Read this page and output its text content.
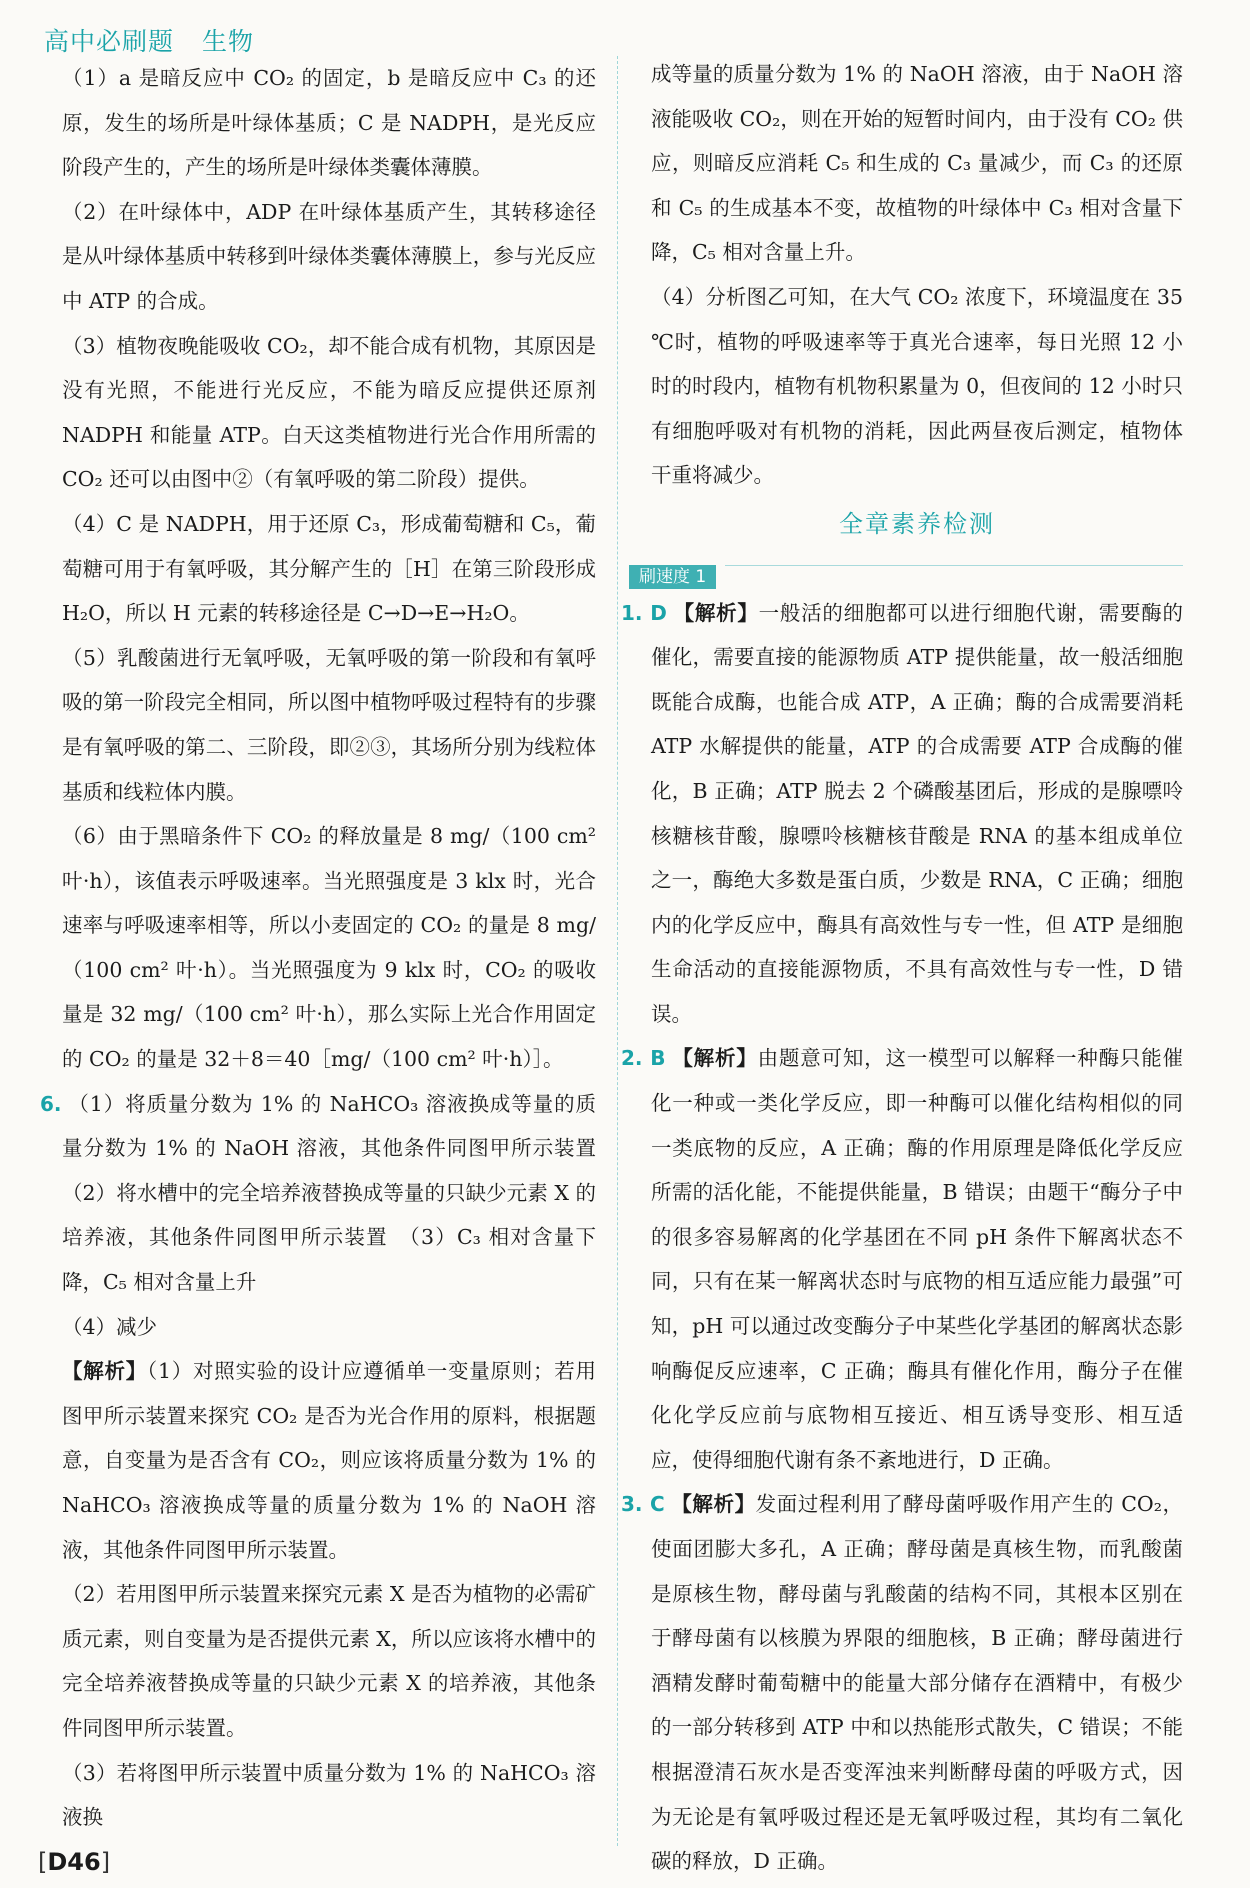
高中必刷题 生物

（1）a 是暗反应中 CO₂ 的固定，b 是暗反应中 C₃ 的还原，发生的场所是叶绿体基质；C 是 NADPH，是光反应阶段产生的，产生的场所是叶绿体类囊体薄膜。

（2）在叶绿体中，ADP 在叶绿体基质产生，其转移途径是从叶绿体基质中转移到叶绿体类囊体薄膜上，参与光反应中 ATP 的合成。

（3）植物夜晚能吸收 CO₂，却不能合成有机物，其原因是没有光照，不能进行光反应，不能为暗反应提供还原剂 NADPH 和能量 ATP。白天这类植物进行光合作用所需的 CO₂ 还可以由图中②（有氧呼吸的第二阶段）提供。

（4）C 是 NADPH，用于还原 C₃，形成葡萄糖和 C₅，葡萄糖可用于有氧呼吸，其分解产生的［H］在第三阶段形成 H₂O，所以 H 元素的转移途径是 C→D→E→H₂O。

（5）乳酸菌进行无氧呼吸，无氧呼吸的第一阶段和有氧呼吸的第一阶段完全相同，所以图中植物呼吸过程特有的步骤是有氧呼吸的第二、三阶段，即②③，其场所分别为线粒体基质和线粒体内膜。

（6）由于黑暗条件下 CO₂ 的释放量是 8 mg/（100 cm² 叶·h），该值表示呼吸速率。当光照强度是 3 klx 时，光合速率与呼吸速率相等，所以小麦固定的 CO₂ 的量是 8 mg/（100 cm² 叶·h）。当光照强度为 9 klx 时，CO₂ 的吸收量是 32 mg/（100 cm² 叶·h），那么实际上光合作用固定的 CO₂ 的量是 32＋8＝40［mg/（100 cm² 叶·h）］。

6. （1）将质量分数为 1% 的 NaHCO₃ 溶液换成等量的质量分数为 1% 的 NaOH 溶液，其他条件同图甲所示装置　（2）将水槽中的完全培养液替换成等量的只缺少元素 X 的培养液，其他条件同图甲所示装置　（3）C₃ 相对含量下降，C₅ 相对含量上升

（4）减少

【解析】（1）对照实验的设计应遵循单一变量原则；若用图甲所示装置来探究 CO₂ 是否为光合作用的原料，根据题意，自变量为是否含有 CO₂，则应该将质量分数为 1% 的 NaHCO₃ 溶液换成等量的质量分数为 1% 的 NaOH 溶液，其他条件同图甲所示装置。

（2）若用图甲所示装置来探究元素 X 是否为植物的必需矿质元素，则自变量为是否提供元素 X，所以应该将水槽中的完全培养液替换成等量的只缺少元素 X 的培养液，其他条件同图甲所示装置。

（3）若将图甲所示装置中质量分数为 1% 的 NaHCO₃ 溶液换

成等量的质量分数为 1% 的 NaOH 溶液，由于 NaOH 溶液能吸收 CO₂，则在开始的短暂时间内，由于没有 CO₂ 供应，则暗反应消耗 C₅ 和生成的 C₃ 量减少，而 C₃ 的还原和 C₅ 的生成基本不变，故植物的叶绿体中 C₃ 相对含量下降，C₅ 相对含量上升。

（4）分析图乙可知，在大气 CO₂ 浓度下，环境温度在 35 ℃时，植物的呼吸速率等于真光合速率，每日光照 12 小时的时段内，植物有机物积累量为 0，但夜间的 12 小时只有细胞呼吸对有机物的消耗，因此两昼夜后测定，植物体干重将减少。

全章素养检测
刷速度 1

1. D 【解析】一般活的细胞都可以进行细胞代谢，需要酶的催化，需要直接的能源物质 ATP 提供能量，故一般活细胞既能合成酶，也能合成 ATP，A 正确；酶的合成需要消耗 ATP 水解提供的能量，ATP 的合成需要 ATP 合成酶的催化，B 正确；ATP 脱去 2 个磷酸基团后，形成的是腺嘌呤核糖核苷酸，腺嘌呤核糖核苷酸是 RNA 的基本组成单位之一，酶绝大多数是蛋白质，少数是 RNA，C 正确；细胞内的化学反应中，酶具有高效性与专一性，但 ATP 是细胞生命活动的直接能源物质，不具有高效性与专一性，D 错误。

2. B 【解析】由题意可知，这一模型可以解释一种酶只能催化一种或一类化学反应，即一种酶可以催化结构相似的同一类底物的反应，A 正确；酶的作用原理是降低化学反应所需的活化能，不能提供能量，B 错误；由题干“酶分子中的很多容易解离的化学基团在不同 pH 条件下解离状态不同，只有在某一解离状态时与底物的相互适应能力最强”可知，pH 可以通过改变酶分子中某些化学基团的解离状态影响酶促反应速率，C 正确；酶具有催化作用，酶分子在催化化学反应前与底物相互接近、相互诱导变形、相互适应，使得细胞代谢有条不紊地进行，D 正确。

3. C 【解析】发面过程利用了酵母菌呼吸作用产生的 CO₂，使面团膨大多孔，A 正确；酵母菌是真核生物，而乳酸菌是原核生物，酵母菌与乳酸菌的结构不同，其根本区别在于酵母菌有以核膜为界限的细胞核，B 正确；酵母菌进行酒精发酵时葡萄糖中的能量大部分储存在酒精中，有极少的一部分转移到 ATP 中和以热能形式散失，C 错误；不能根据澄清石灰水是否变浑浊来判断酵母菌的呼吸方式，因为无论是有氧呼吸过程还是无氧呼吸过程，其均有二氧化碳的释放，D 正确。

[D46]
